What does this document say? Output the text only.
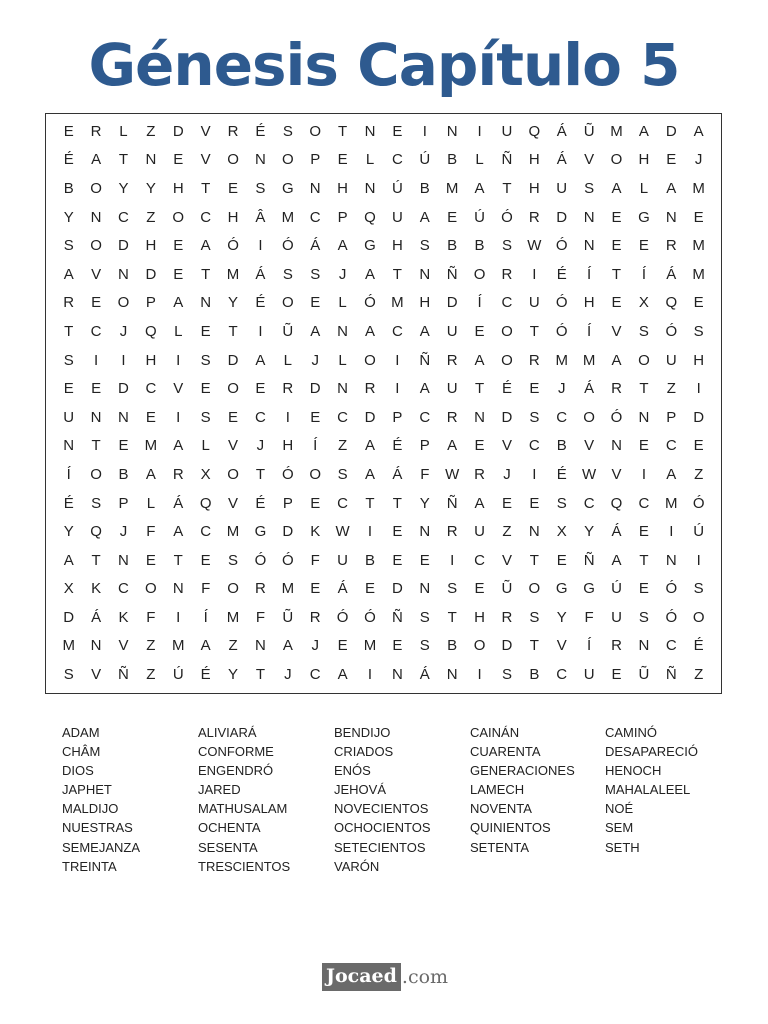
Génesis Capítulo 5
E	R	L	Z	D	V	R	É	S	O	T	N	E	I	N	I	U	Q	Á	Ũ	M	A	D	A
É	A	T	N	E	V	O	N	O	P	E	L	C	Ú	B	L	Ñ	H	Á	V	O	H	E	J
B	O	Y	Y	H	T	E	S	G	N	H	N	Ú	B	M	A	T	H	U	S	A	L	A	M
Y	N	C	Z	O	C	H	Â	M	C	P	Q	U	A	E	Ú	Ó	R	D	N	E	G	N	E
S	O	D	H	E	A	Ó	I	Ó	Á	A	G	H	S	B	B	S	W Ó	N	E	E	R	M
A	V	N	D	E	T	M	Á	S	S	J	A	T	N	Ñ	O	R	I	É	Í	T	Í	Á	M
R	E	O	P	A	N	Y	É	O	E	L	Ó	M	H	D	Í	C	U	Ó	H	E	X	Q	E
T	C	J	Q	L	E	T	I	Ũ	A	N	A	C	A	U	E	O	T	Ó	Í	V	S	Ó	S
S	I	I	H	I	S	D	A	L	J	L	O	I	Ñ	R	A	O	R	M M	A	O	U	H
E	E	D	C	V	E	O	E	R	D	N	R	I	A	U	T	É	E	J	Á	R	T	Z	I
U	N	N	E	I	S	E	C	I	E	C	D	P	C	R	N	D	S	C	O	Ó	N	P	D
N	T	E	M	A	L	V	J	H	Í	Z	A	É	P	A	E	V	C	B	V	N	E	C	E
Í	O	B	A	R	X	O	T	Ó	O	S	A	Á	F	W R	J	I	É	W	V	I	A	Z
É	S	P	L	Á	Q	V	É	P	E	C	T	T	Y	Ñ	A	E	E	S	C	Q	C	M	Ó
Y	Q	J	F	A	C	M	G	D	K	W	I	E	N	R	U	Z	N	X	Y	Á	E	I	Ú
A	T	N	E	T	E	S	Ó	Ó	F	U	B	E	E	I	C	V	T	E	Ñ	A	T	N	I
X	K	C	O	N	F	O	R	M	E	Á	E	D	N	S	E	Ũ	O	G	G	Ú	E	Ó	S
D	Á	K	F	I	Í	M	F	Ũ	R	Ó	Ó	Ñ	S	T	H	R	S	Y	F	U	S	Ó	O
M	N	V	Z	M	A	Z	N	A	J	E	M	E	S	B	O	D	T	V	Í	R	N	C	É
S	V	Ñ	Z	Ú	É	Y	T	J	C	A	I	N	Á	N	I	S	B	C	U	E	Ũ	Ñ	Z
ADAM
CHÂM
DIOS
JAPHET
MALDIJO
NUESTRAS
SEMEJANZA
TREINTA
ALIVIARÁ
CONFORME
ENGENDRÓ
JARED
MATHUSALAM
OCHENTA
SESENTA
TRESCIENTOS
BENDIJO
CRIADOS
ENÓS
JEHOVÁ
NOVECIENTOS
OCHOCIENTOS
SETECIENTOS
VARÓN
CAINÁN
CUARENTA
GENERACIONES
LAMECH
NOVENTA
QUINIENTOS
SETENTA
CAMINÓ
DESAPARECIÓ
HENOCH
MAHALALEEL
NOÉ
SEM
SETH
Jocaed .com
